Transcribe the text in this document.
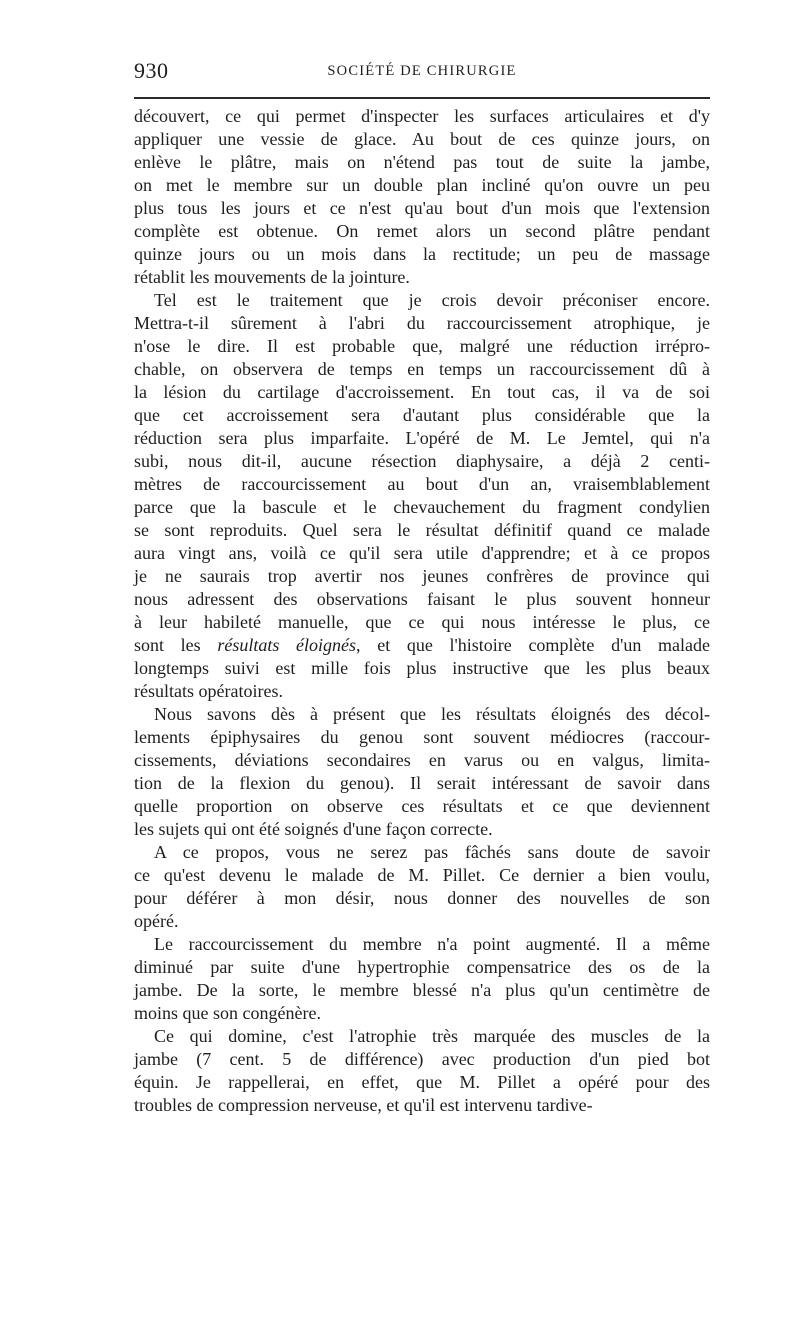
930	SOCIÉTÉ DE CHIRURGIE
découvert, ce qui permet d'inspecter les surfaces articulaires et d'y
appliquer une vessie de glace. Au bout de ces quinze jours, on
enlève le plâtre, mais on n'étend pas tout de suite la jambe,
on met le membre sur un double plan incliné qu'on ouvre un peu
plus tous les jours et ce n'est qu'au bout d'un mois que l'extension
complète est obtenue. On remet alors un second plâtre pendant
quinze jours ou un mois dans la rectitude; un peu de massage
rétablit les mouvements de la jointure.
Tel est le traitement que je crois devoir préconiser encore.
Mettra-t-il sûrement à l'abri du raccourcissement atrophique, je
n'ose le dire. Il est probable que, malgré une réduction irrépro-
chable, on observera de temps en temps un raccourcissement dû à
la lésion du cartilage d'accroissement. En tout cas, il va de soi
que cet accroissement sera d'autant plus considérable que la
réduction sera plus imparfaite. L'opéré de M. Le Jemtel, qui n'a
subi, nous dit-il, aucune résection diaphysaire, a déjà 2 centi-
mètres de raccourcissement au bout d'un an, vraisemblablement
parce que la bascule et le chevauchement du fragment condylien
se sont reproduits. Quel sera le résultat définitif quand ce malade
aura vingt ans, voilà ce qu'il sera utile d'apprendre; et à ce propos
je ne saurais trop avertir nos jeunes confrères de province qui
nous adressent des observations faisant le plus souvent honneur
à leur habileté manuelle, que ce qui nous intéresse le plus, ce
sont les résultats éloignés, et que l'histoire complète d'un malade
longtemps suivi est mille fois plus instructive que les plus beaux
résultats opératoires.
Nous savons dès à présent que les résultats éloignés des décol-
lements épiphysaires du genou sont souvent médiocres (raccour-
cissements, déviations secondaires en varus ou en valgus, limita-
tion de la flexion du genou). Il serait intéressant de savoir dans
quelle proportion on observe ces résultats et ce que deviennent
les sujets qui ont été soignés d'une façon correcte.
A ce propos, vous ne serez pas fâchés sans doute de savoir
ce qu'est devenu le malade de M. Pillet. Ce dernier a bien voulu,
pour déférer à mon désir, nous donner des nouvelles de son
opéré.
Le raccourcissement du membre n'a point augmenté. Il a même
diminué par suite d'une hypertrophie compensatrice des os de la
jambe. De la sorte, le membre blessé n'a plus qu'un centimètre de
moins que son congénère.
Ce qui domine, c'est l'atrophie très marquée des muscles de la
jambe (7 cent. 5 de différence) avec production d'un pied bot
équin. Je rappellerai, en effet, que M. Pillet a opéré pour des
troubles de compression nerveuse, et qu'il est intervenu tardive-
